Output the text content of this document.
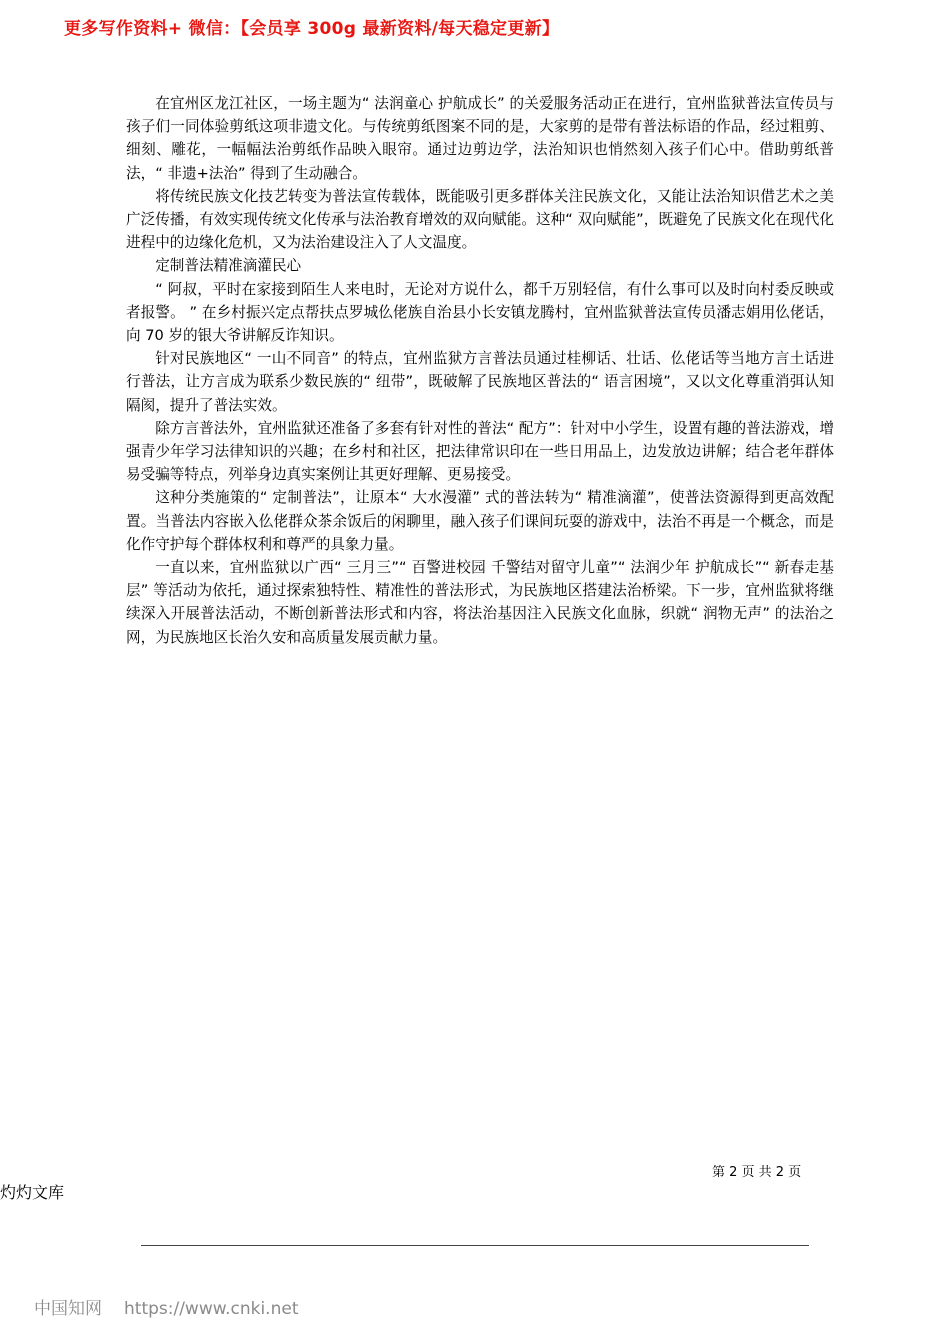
更多写作资料+ 微信：【会员享 300g 最新资料/每天稳定更新】

在宜州区龙江社区，一场主题为“ 法润童心 护航成长” 的关爱服务活动正在进行，宜州监狱普法宣传员与孩子们一同体验剪纸这项非遗文化。与传统剪纸图案不同的是，大家剪的是带有普法标语的作品，经过粗剪、细刻、雕花，一幅幅法治剪纸作品映入眼帘。通过边剪边学，法治知识也悄然刻入孩子们心中。借助剪纸普法，“ 非遗+法治” 得到了生动融合。

将传统民族文化技艺转变为普法宣传载体，既能吸引更多群体关注民族文化，又能让法治知识借艺术之美广泛传播，有效实现传统文化传承与法治教育增效的双向赋能。这种“ 双向赋能”，既避免了民族文化在现代化进程中的边缘化危机，又为法治建设注入了人文温度。

定制普法精准滴灌民心

“ 阿叔，平时在家接到陌生人来电时，无论对方说什么，都千万别轻信，有什么事可以及时向村委反映或者报警。 ” 在乡村振兴定点帮扶点罗城仫佬族自治县小长安镇龙腾村，宜州监狱普法宣传员潘志娟用仫佬话，向 70 岁的银大爷讲解反诈知识。

针对民族地区“ 一山不同音” 的特点，宜州监狱方言普法员通过桂柳话、壮话、仫佬话等当地方言土话进行普法，让方言成为联系少数民族的“ 纽带”，既破解了民族地区普法的“ 语言困境”，又以文化尊重消弭认知隔阂，提升了普法实效。

除方言普法外，宜州监狱还准备了多套有针对性的普法“ 配方”：针对中小学生，设置有趣的普法游戏，增强青少年学习法律知识的兴趣；在乡村和社区，把法律常识印在一些日用品上，边发放边讲解；结合老年群体易受骗等特点，列举身边真实案例让其更好理解、更易接受。

这种分类施策的“ 定制普法”，让原本“ 大水漫灌” 式的普法转为“ 精准滴灌”，使普法资源得到更高效配置。当普法内容嵌入仫佬群众茶余饭后的闲聊里，融入孩子们课间玩耍的游戏中，法治不再是一个概念，而是化作守护每个群体权利和尊严的具象力量。

一直以来，宜州监狱以广西“ 三月三”“ 百警进校园 千警结对留守儿童”“ 法润少年 护航成长”“ 新春走基层” 等活动为依托，通过探索独特性、精准性的普法形式，为民族地区搭建法治桥梁。下一步，宜州监狱将继续深入开展普法活动，不断创新普法形式和内容，将法治基因注入民族文化血脉，织就“ 润物无声” 的法治之网，为民族地区长治久安和高质量发展贡献力量。

第 2 页 共 2 页
灼灼文库
中国知网 https://www.cnki.net
